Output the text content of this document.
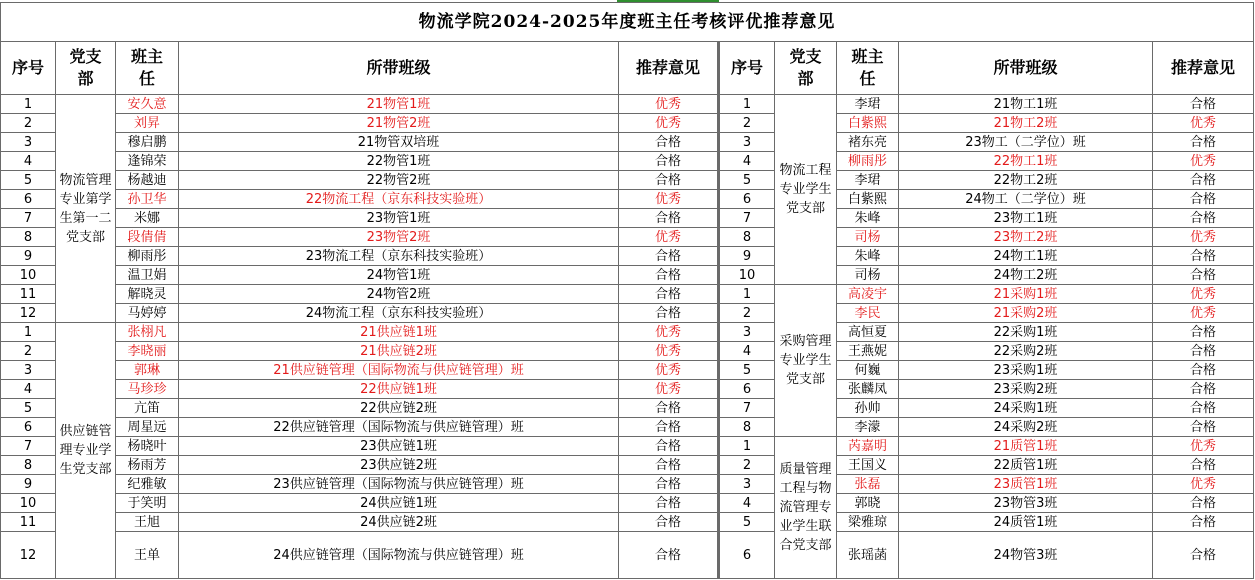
物流学院2024-2025年度班主任考核评优推荐意见									
序号	党支部	班主任	所带班级	推荐意见	序号	党支部	班主任	所带班级	推荐意见
1	物流管理专业第学生第一二党支部	安久意	21物管1班	优秀	1	物流工程专业学生党支部	李珺	21物工1班	合格
2		刘昇	21物管2班	优秀	2		白紫熙	21物工2班	优秀
3		穆启鹏	21物管双培班	合格	3		褚东亮	23物工（二学位）班	合格
4		逢锦荣	22物管1班	合格	4		柳雨彤	22物工1班	优秀
5		杨越迪	22物管2班	合格	5		李珺	22物工2班	合格
6		孙卫华	22物流工程（京东科技实验班）	优秀	6		白紫熙	24物工（二学位）班	合格
7		米娜	23物管1班	合格	7		朱峰	23物工1班	合格
8		段倩倩	23物管2班	优秀	8		司杨	23物工2班	优秀
9		柳雨彤	23物流工程（京东科技实验班）	合格	9		朱峰	24物工1班	合格
10		温卫娟	24物管1班	合格	10		司杨	24物工2班	合格
11		解晓灵	24物管2班	合格	1	采购管理专业学生党支部	高凌宇	21采购1班	优秀
12		马婷婷	24物流工程（京东科技实验班）	合格	2		李民	21采购2班	优秀
1	供应链管理专业学生党支部	张栩凡	21供应链1班	优秀	3		高恒夏	22采购1班	合格
2		李晓丽	21供应链2班	优秀	4		王燕妮	22采购2班	合格
3		郭琳	21供应链管理（国际物流与供应链管理）班	优秀	5		何巍	23采购1班	合格
4		马珍珍	22供应链1班	优秀	6		张麟凤	23采购2班	合格
5		亢笛	22供应链2班	合格	7		孙帅	24采购1班	合格
6		周星远	22供应链管理（国际物流与供应链管理）班	合格	8		李濛	24采购2班	合格
7		杨晓叶	23供应链1班	合格	1	质量管理工程与物流管理专业学生联合党支部	芮嘉明	21质管1班	优秀
8		杨雨芳	23供应链2班	合格	2		王国义	22质管1班	合格
9		纪雅敏	23供应链管理（国际物流与供应链管理）班	合格	3		张磊	23质管1班	优秀
10		于笑明	24供应链1班	合格	4		郭晓	23物管3班	合格
11		王旭	24供应链2班	合格	5		梁雅琼	24质管1班	合格
12		王单	24供应链管理（国际物流与供应链管理）班	合格	6		张瑶菡	24物管3班	合格
